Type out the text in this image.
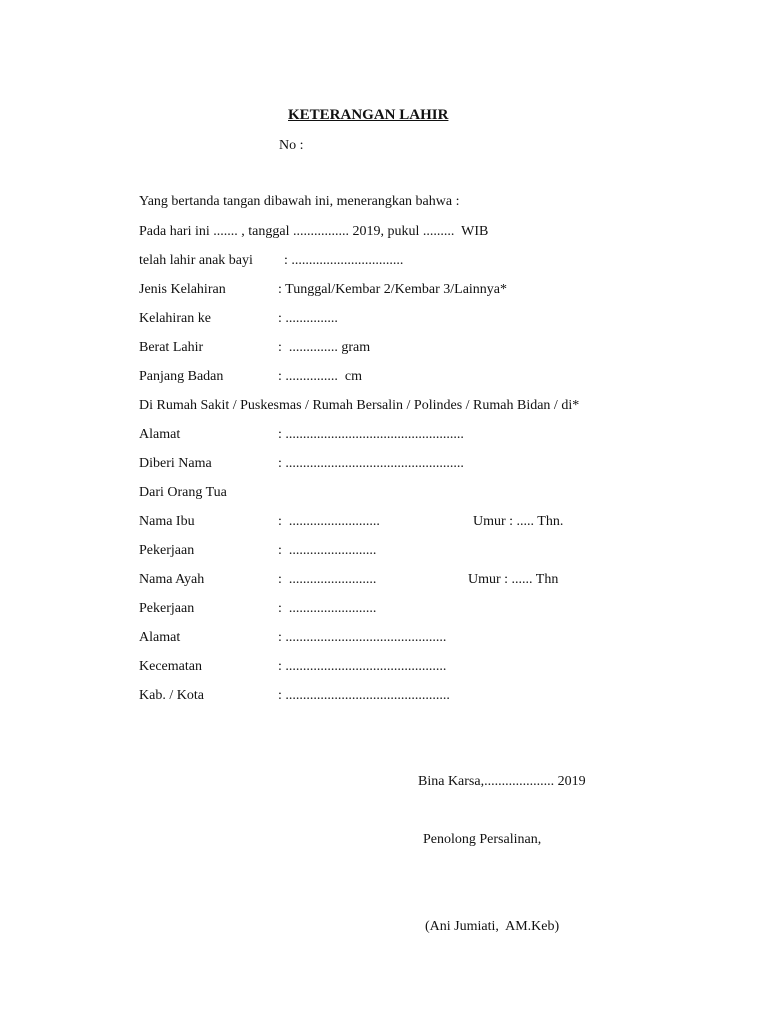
KETERANGAN LAHIR
No :
Yang bertanda tangan dibawah ini, menerangkan bahwa :
Pada hari ini ....... , tanggal ................ 2019, pukul .........  WIB
telah lahir anak bayi : ................................
Jenis Kelahiran	: Tunggal/Kembar 2/Kembar 3/Lainnya*
Kelahiran ke	: ...............
Berat Lahir	:  .............. gram
Panjang Badan	: ...............  cm
Di Rumah Sakit / Puskesmas / Rumah Bersalin / Polindes / Rumah Bidan / di*
Alamat	: ...................................................
Diberi Nama	: ...................................................
Dari Orang Tua
Nama Ibu	:  ..........................	Umur : ..... Thn.
Pekerjaan	:  .........................
Nama Ayah	:  .........................	Umur : ...... Thn
Pekerjaan	:  .........................
Alamat	: ..............................................
Kecematan	: ..............................................
Kab. / Kota	: ...............................................
Bina Karsa,.................... 2019
Penolong Persalinan,
(Ani Jumiati,  AM.Keb)
